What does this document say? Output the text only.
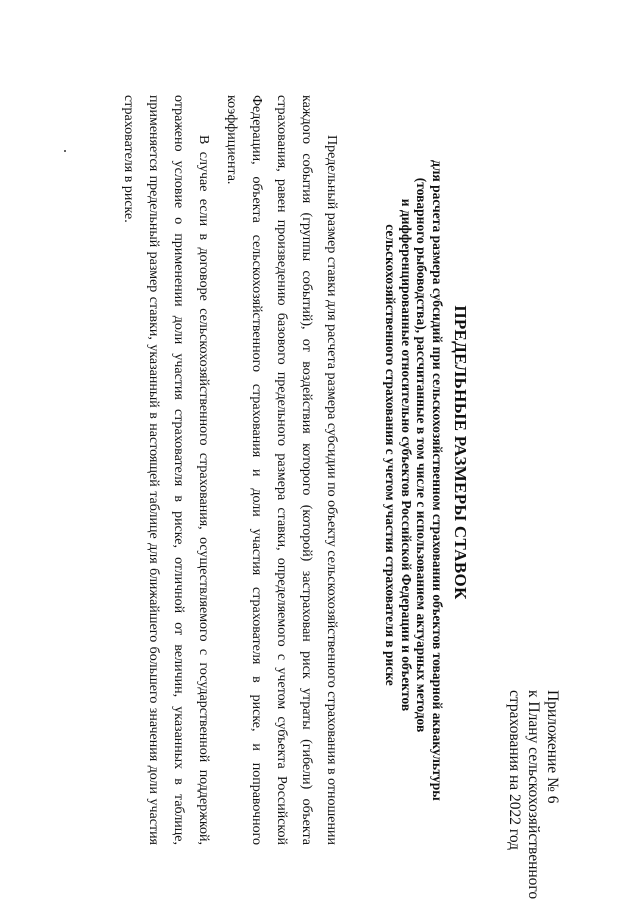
Приложение № 6
к Плану сельскохозяйственного
страхования на 2022 год
ПРЕДЕЛЬНЫЕ РАЗМЕРЫ СТАВОК
для расчета размера субсидий при сельскохозяйственном страховании объектов товарной аквакультуры
(товарного рыбоводства), рассчитанные в том числе с использованием актуарных методов
и дифференцированные относительно субъектов Российской Федерации и объектов
сельскохозяйственного страхования с учетом участия страхователя в риске

Предельный размер ставки для расчета размера субсидии по объекту сельскохозяйственного страхования в отношении каждого события (группы событий), от воздействия которого (которой) застрахован риск утраты (гибели) объекта страхования, равен произведению базового предельного размера ставки, определяемого с учетом субъекта Российской Федерации, объекта сельскохозяйственного страхования и доли участия страхователя в риске, и поправочного коэффициента.

В случае если в договоре сельскохозяйственного страхования, осуществляемого с государственной поддержкой, отражено условие о применении доли участия страхователя в риске, отличной от величин, указанных в таблице, применяется предельный размер ставки, указанный в настоящей таблице для ближайшего большего значения доли участия страхователя в риске.
